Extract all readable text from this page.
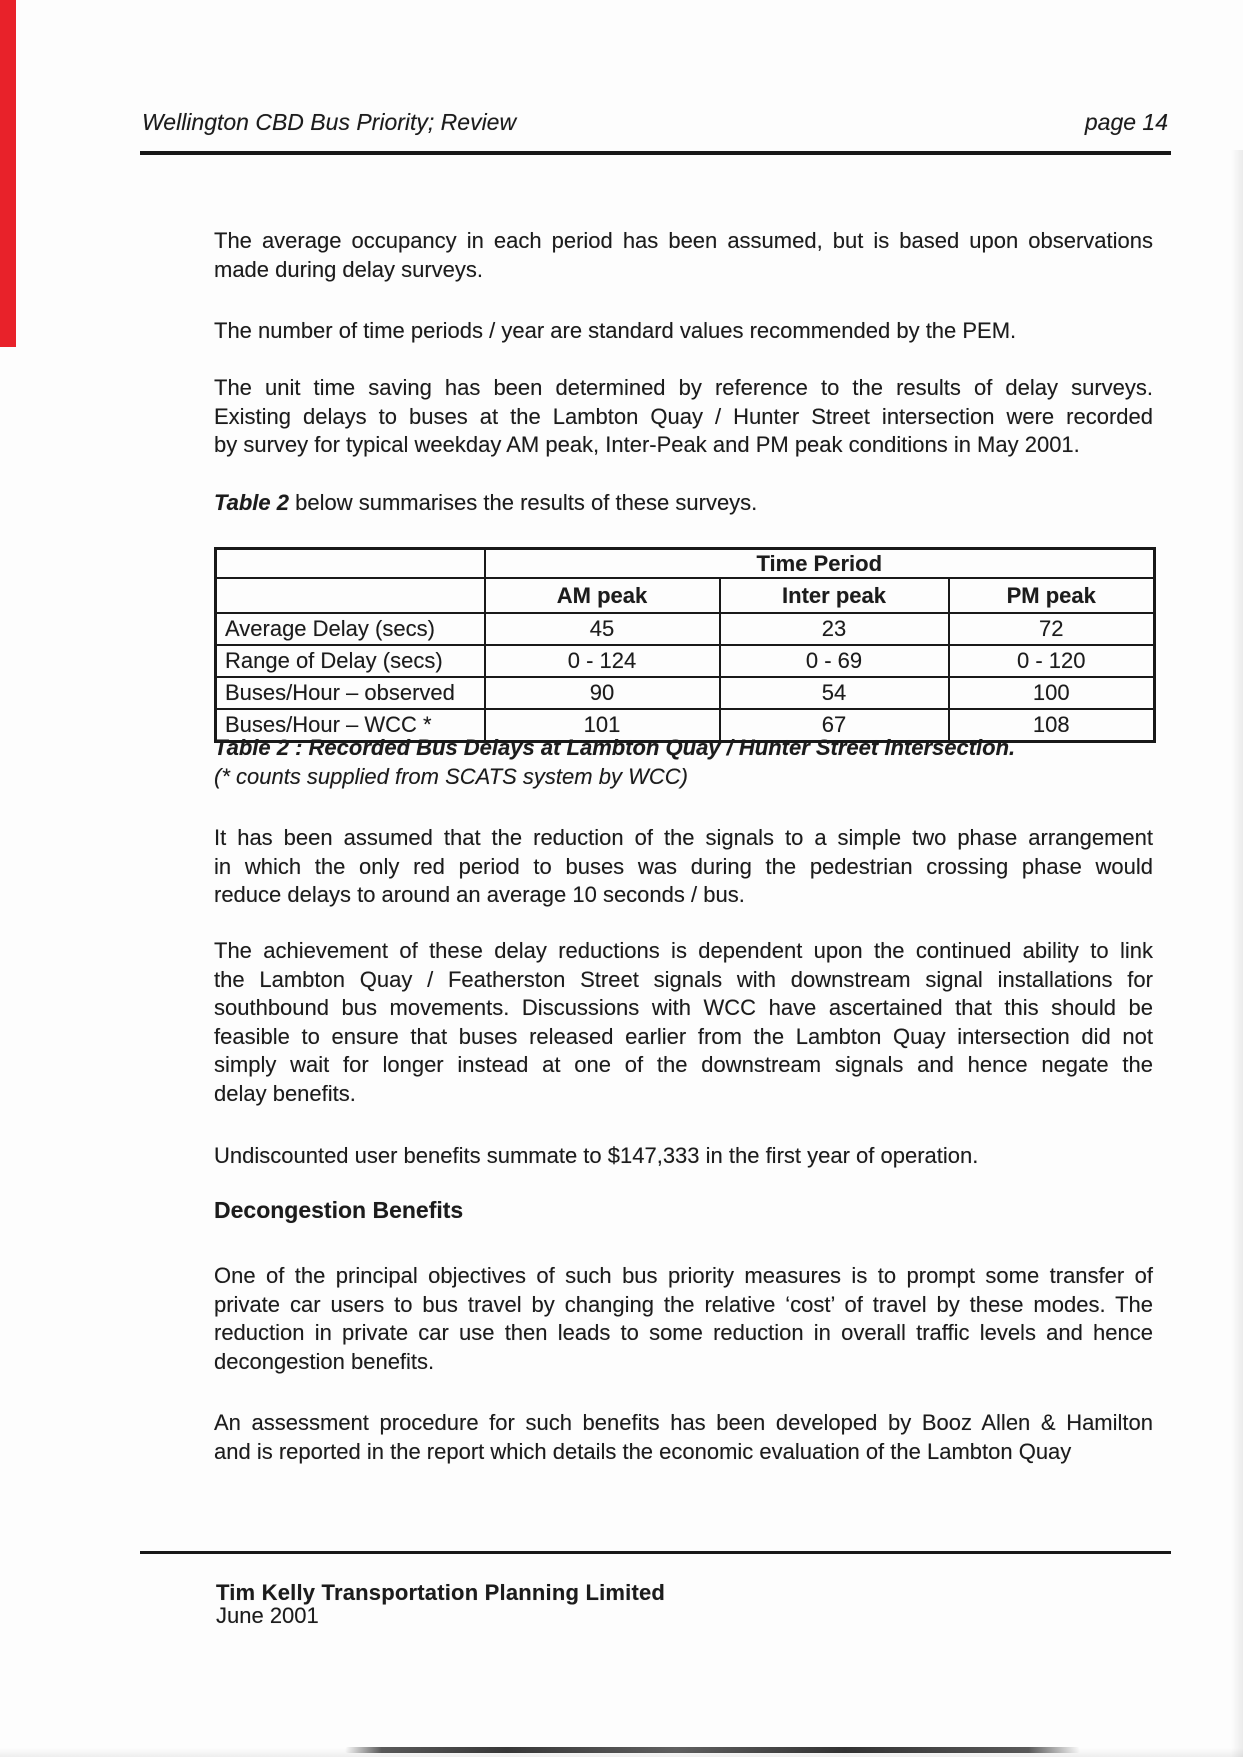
Wellington CBD Bus Priority; Review	page 14
The average occupancy in each period has been assumed, but is based upon observations
made during delay surveys.
The number of time periods / year are standard values recommended by the PEM.
The unit time saving has been determined by reference to the results of delay surveys.
Existing delays to buses at the Lambton Quay / Hunter Street intersection were recorded
by survey for typical weekday AM peak, Inter-Peak and PM peak conditions in May 2001.
Table 2 below summarises the results of these surveys.
	Time Period		
	AM peak	Inter peak	PM peak
Average Delay (secs)	45	23	72
Range of Delay (secs)	0 - 124	0 - 69	0 - 120
Buses/Hour – observed	90	54	100
Buses/Hour – WCC *	101	67	108
Table 2 : Recorded Bus Delays at Lambton Quay / Hunter Street intersection.
(* counts supplied from SCATS system by WCC)
It has been assumed that the reduction of the signals to a simple two phase arrangement
in which the only red period to buses was during the pedestrian crossing phase would
reduce delays to around an average 10 seconds / bus.
The achievement of these delay reductions is dependent upon the continued ability to link
the Lambton Quay / Featherston Street signals with downstream signal installations for
southbound bus movements. Discussions with WCC have ascertained that this should be
feasible to ensure that buses released earlier from the Lambton Quay intersection did not
simply wait for longer instead at one of the downstream signals and hence negate the
delay benefits.
Undiscounted user benefits summate to $147,333 in the first year of operation.
Decongestion Benefits
One of the principal objectives of such bus priority measures is to prompt some transfer of
private car users to bus travel by changing the relative ‘cost’ of travel by these modes. The
reduction in private car use then leads to some reduction in overall traffic levels and hence
decongestion benefits.
An assessment procedure for such benefits has been developed by Booz Allen & Hamilton
and is reported in the report which details the economic evaluation of the Lambton Quay
Tim Kelly Transportation Planning Limited
June 2001
